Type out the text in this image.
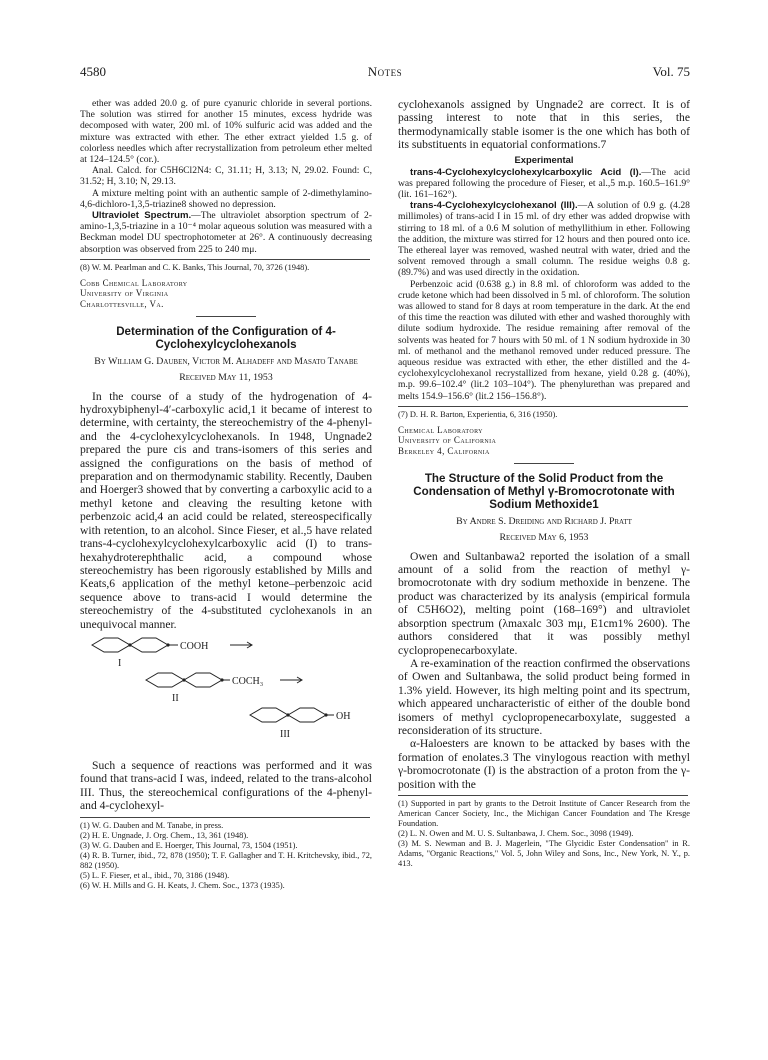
4580	Notes	Vol. 75

ether was added 20.0 g. of pure cyanuric chloride in several portions. The solution was stirred for another 15 minutes, excess hydride was decomposed with water, 200 ml. of 10% sulfuric acid was added and the mixture was extracted with ether. The ether extract yielded 1.5 g. of colorless needles which after recrystallization from petroleum ether melted at 124–124.5° (cor.).

Anal. Calcd. for C5H6Cl2N4: C, 31.11; H, 3.13; N, 29.02. Found: C, 31.52; H, 3.10; N, 29.13.

A mixture melting point with an authentic sample of 2-dimethylamino-4,6-dichloro-1,3,5-triazine8 showed no depression.

Ultraviolet Spectrum.—The ultraviolet absorption spectrum of 2-amino-1,3,5-triazine in a 10⁻⁴ molar aqueous solution was measured with a Beckman model DU spectrophotometer at 26°. A continuously decreasing absorption was observed from 225 to 240 mμ.

(8) W. M. Pearlman and C. K. Banks, This Journal, 70, 3726 (1948).

Cobb Chemical Laboratory
University of Virginia
Charlottesville, Va.
Determination of the Configuration of 4-Cyclohexylcyclohexanols
By William G. Dauben, Victor M. Alhadeff and Masato Tanabe
Received May 11, 1953

In the course of a study of the hydrogenation of 4-hydroxybiphenyl-4′-carboxylic acid,1 it became of interest to determine, with certainty, the stereochemistry of the 4-phenyl- and the 4-cyclohexylcyclohexanols. In 1948, Ungnade2 prepared the pure cis and trans-isomers of this series and assigned the configurations on the basis of method of preparation and on thermodynamic stability. Recently, Dauben and Hoerger3 showed that by converting a carboxylic acid to a methyl ketone and cleaving the resulting ketone with perbenzoic acid,4 an acid could be related, stereospecifically with retention, to an alcohol. Since Fieser, et al.,5 have related trans-4-cyclohexylcyclohexylcarboxylic acid (I) to trans-hexahydroterephthalic acid, a compound whose stereochemistry has been rigorously established by Mills and Keats,6 application of the methyl ketone–perbenzoic acid sequence above to trans-acid I would determine the stereochemistry of the 4-substituted cyclohexanols in an unequivocal manner.

COOH
I
COCH₃
II
OH
III

Such a sequence of reactions was performed and it was found that trans-acid I was, indeed, related to the trans-alcohol III. Thus, the stereochemical configurations of the 4-phenyl- and 4-cyclohexyl-

(1) W. G. Dauben and M. Tanabe, in press.

(2) H. E. Ungnade, J. Org. Chem., 13, 361 (1948).

(3) W. G. Dauben and E. Hoerger, This Journal, 73, 1504 (1951).

(4) R. B. Turner, ibid., 72, 878 (1950); T. F. Gallagher and T. H. Kritchevsky, ibid., 72, 882 (1950).

(5) L. F. Fieser, et al., ibid., 70, 3186 (1948).

(6) W. H. Mills and G. H. Keats, J. Chem. Soc., 1373 (1935).

cyclohexanols assigned by Ungnade2 are correct. It is of passing interest to note that in this series, the thermodynamically stable isomer is the one which has both of its substituents in equatorial conformations.7

Experimental

trans-4-Cyclohexylcyclohexylcarboxylic Acid (I).—The acid was prepared following the procedure of Fieser, et al.,5 m.p. 160.5–161.9° (lit. 161–162°).

trans-4-Cyclohexylcyclohexanol (III).—A solution of 0.9 g. (4.28 millimoles) of trans-acid I in 15 ml. of dry ether was added dropwise with stirring to 18 ml. of a 0.6 M solution of methyllithium in ether. Following the addition, the mixture was stirred for 12 hours and then poured onto ice. The ethereal layer was removed, washed neutral with water, dried and the solvent removed through a small column. The residue weighs 0.8 g. (89.7%) and was used directly in the oxidation.

Perbenzoic acid (0.638 g.) in 8.8 ml. of chloroform was added to the crude ketone which had been dissolved in 5 ml. of chloroform. The solution was allowed to stand for 8 days at room temperature in the dark. At the end of this time the reaction was diluted with ether and washed thoroughly with dilute sodium hydroxide. The residue remaining after removal of the solvents was heated for 7 hours with 50 ml. of 1 N sodium hydroxide in 30 ml. of methanol and the methanol removed under reduced pressure. The aqueous residue was extracted with ether, the ether distilled and the 4-cyclohexylcyclohexanol recrystallized from hexane, yield 0.28 g. (40%), m.p. 99.6–102.4° (lit.2 103–104°). The phenylurethan was prepared and melts 154.9–156.6° (lit.2 156–156.8°).

(7) D. H. R. Barton, Experientia, 6, 316 (1950).

Chemical Laboratory
University of California
Berkeley 4, California
The Structure of the Solid Product from the Condensation of Methyl γ-Bromocrotonate with Sodium Methoxide1
By Andre S. Dreiding and Richard J. Pratt
Received May 6, 1953

Owen and Sultanbawa2 reported the isolation of a small amount of a solid from the reaction of methyl γ-bromocrotonate with dry sodium methoxide in benzene. The product was characterized by its analysis (empirical formula of C5H6O2), melting point (168–169°) and ultraviolet absorption spectrum (λmaxalc 303 mμ, E1cm1% 2600). The authors considered that it was possibly methyl cyclopropenecarboxylate.

A re-examination of the reaction confirmed the observations of Owen and Sultanbawa, the solid product being formed in 1.3% yield. However, its high melting point and its spectrum, which appeared uncharacteristic of either of the double bond isomers of methyl cyclopropenecarboxylate, suggested a reconsideration of its structure.

α-Haloesters are known to be attacked by bases with the formation of enolates.3 The vinylogous reaction with methyl γ-bromocrotonate (I) is the abstraction of a proton from the γ-position with the

(1) Supported in part by grants to the Detroit Institute of Cancer Research from the American Cancer Society, Inc., the Michigan Cancer Foundation and The Kresge Foundation.

(2) L. N. Owen and M. U. S. Sultanbawa, J. Chem. Soc., 3098 (1949).

(3) M. S. Newman and B. J. Magerlein, "The Glycidic Ester Condensation" in R. Adams, "Organic Reactions," Vol. 5, John Wiley and Sons, Inc., New York, N. Y., p. 413.
